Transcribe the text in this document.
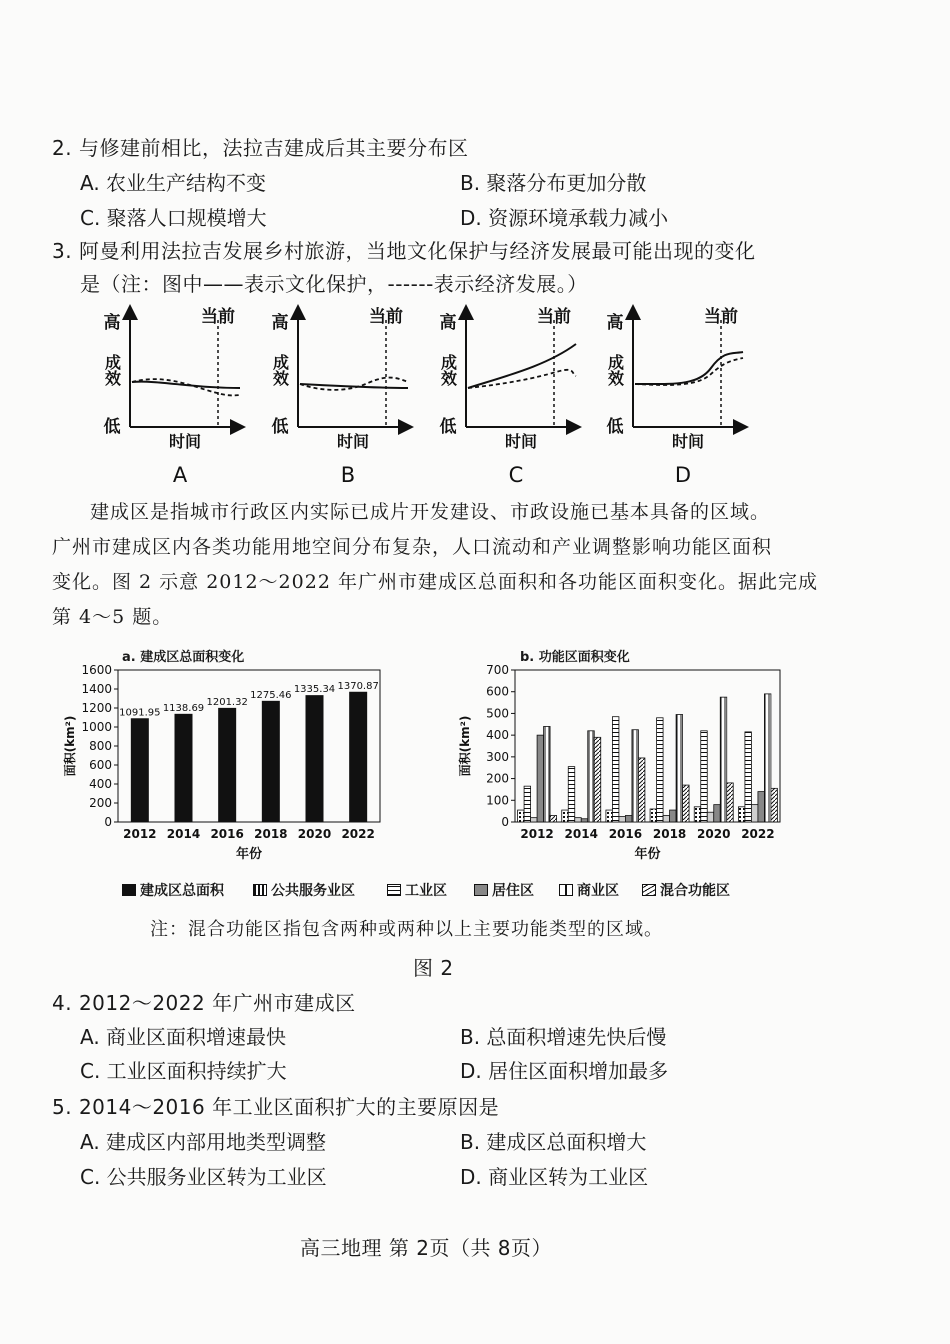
2. 与修建前相比，法拉吉建成后其主要分布区
A. 农业生产结构不变	B. 聚落分布更加分散
C. 聚落人口规模增大	D. 资源环境承载力减小
3. 阿曼利用法拉吉发展乡村旅游，当地文化保护与经济发展最可能出现的变化
是（注：图中——表示文化保护，------表示经济发展。）
高
低
成效
当前
时间
A
高
低
成效
当前
时间
B
高
低
成效
当前
时间
C
高
低
成效
当前
时间
D
建成区是指城市行政区内实际已成片开发建设、市政设施已基本具备的区域。
广州市建成区内各类功能用地空间分布复杂，人口流动和产业调整影响功能区面积
变化。图 2 示意 2012～2022 年广州市建成区总面积和各功能区面积变化。据此完成
第 4～5 题。
a. 建成区总面积变化	b. 功能区面积变化
0
200
400
600
800
1000
1200
1400
1600
1091.95
2012
1138.69
2014
1201.32
2016
1275.46
2018
1335.34
2020
1370.87
2022
面积(km²)
年份
0
100
200
300
400
500
600
700
2012 2014 2016 2018 2020 2022
面积(km²)
年份
建成区总面积	公共服务业区	工业区	居住区	商业区	混合功能区
注：混合功能区指包含两种或两种以上主要功能类型的区域。
图 2
4. 2012～2022 年广州市建成区
A. 商业区面积增速最快	B. 总面积增速先快后慢
C. 工业区面积持续扩大	D. 居住区面积增加最多
5. 2014～2016 年工业区面积扩大的主要原因是
A. 建成区内部用地类型调整	B. 建成区总面积增大
C. 公共服务业区转为工业区	D. 商业区转为工业区
高三地理 第 2页（共 8页）
